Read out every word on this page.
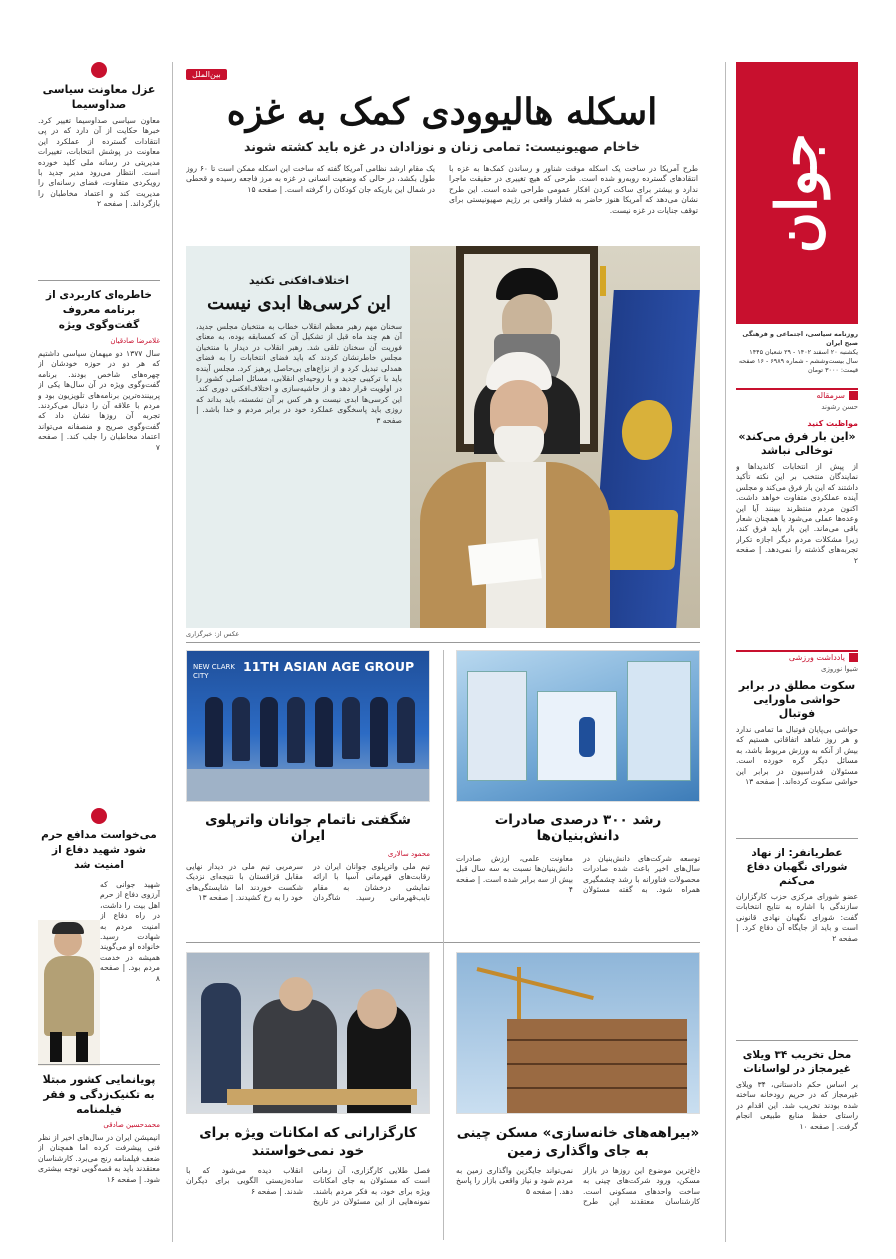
جوان
روزنامه سیاسی، اجتماعی و فرهنگی صبح ایران
یکشنبه ۲۰ اسفند ۱۴۰۲ - ۲۹ شعبان ۱۴۴۵
سال بیست‌وششم - شماره ۶۹۸۹ - ۱۶ صفحه
قیمت: ۳۰۰۰ تومان
سرمقاله
حسن رشوند
مواظبت کنید
«این بار فرق می‌کند» توخالی نباشد
از پیش از انتخابات کاندیداها و نمایندگان منتخب بر این نکته تأکید داشتند که این بار فرق می‌کند و مجلس آینده عملکردی متفاوت خواهد داشت. اکنون مردم منتظرند ببینند آیا این وعده‌ها عملی می‌شود یا همچنان شعار باقی می‌ماند. این بار باید فرق کند، زیرا مشکلات مردم دیگر اجازه تکرار تجربه‌های گذشته را نمی‌دهد. | صفحه ۲
یادداشت ورزشی
شیوا نوروزی
سکوت مطلق در برابر حواشی ماورایی فوتبال
حواشی بی‌پایان فوتبال ما تمامی ندارد و هر روز شاهد اتفاقاتی هستیم که بیش از آنکه به ورزش مربوط باشد، به مسائل دیگر گره خورده است. مسئولان فدراسیون در برابر این حواشی سکوت کرده‌اند. | صفحه ۱۳
عطریانفر: از نهاد شورای نگهبان دفاع می‌کنم
عضو شورای مرکزی حزب کارگزاران سازندگی با اشاره به نتایج انتخابات گفت: شورای نگهبان نهادی قانونی است و باید از جایگاه آن دفاع کرد. | صفحه ۲
محل تخریب ۳۴ ویلای غیرمجاز در لواسانات
بر اساس حکم دادستانی، ۳۴ ویلای غیرمجاز که در حریم رودخانه ساخته شده بودند تخریب شد. این اقدام در راستای حفظ منابع طبیعی انجام گرفت. | صفحه ۱۰
بین‌الملل
اسکله هالیوودی کمک به غزه
خاخام صهیونیست: تمامی زنان و نوزادان در غزه باید کشته شوند
طرح آمریکا در ساخت یک اسکله موقت شناور و رساندن کمک‌ها به غزه با انتقادهای گسترده روبه‌رو شده است. طرحی که هیچ تغییری در حقیقت ماجرا ندارد و بیشتر برای ساکت کردن افکار عمومی طراحی شده است. این طرح نشان می‌دهد که آمریکا هنوز حاضر به فشار واقعی بر رژیم صهیونیستی برای توقف جنایات در غزه نیست.
یک مقام ارشد نظامی آمریکا گفته که ساخت این اسکله ممکن است تا ۶۰ روز طول بکشد، در حالی که وضعیت انسانی در غزه به مرز فاجعه رسیده و قحطی در شمال این باریکه جان کودکان را گرفته است. | صفحه ۱۵
اختلاف‌افکنی تکنید
این کرسی‌ها ابدی نیست
سخنان مهم رهبر معظم انقلاب خطاب به منتخبان مجلس جدید، آن هم چند ماه قبل از تشکیل آن که کمسابقه بوده، به معنای فوریت آن سخنان تلقی شد. رهبر انقلاب در دیدار با منتخبان مجلس خاطرنشان کردند که باید فضای انتخابات را به فضای همدلی تبدیل کرد و از نزاع‌های بی‌حاصل پرهیز کرد. مجلس آینده باید با ترکیبی جدید و با روحیه‌ای انقلابی، مسائل اصلی کشور را در اولویت قرار دهد و از حاشیه‌سازی و اختلاف‌افکنی دوری کند. این کرسی‌ها ابدی نیست و هر کس بر آن نشسته، باید بداند که روزی باید پاسخگوی عملکرد خود در برابر مردم و خدا باشد. | صفحه ۳
عکس از: خبرگزاری
11TH ASIAN AGE GROUP
NEW CLARK CITY
شگفتی ناتمام جوانان واترپلوی ایران
محمود سالاری
تیم ملی واترپلوی جوانان ایران در رقابت‌های قهرمانی آسیا با ارائه نمایشی درخشان به مقام نایب‌قهرمانی رسید. شاگردان سرمربی تیم ملی در دیدار نهایی مقابل قزاقستان با نتیجه‌ای نزدیک شکست خوردند اما شایستگی‌های خود را به رخ کشیدند. | صفحه ۱۳
رشد ۳۰۰ درصدی صادرات دانش‌بنیان‌ها
توسعه شرکت‌های دانش‌بنیان در سال‌های اخیر باعث شده صادرات محصولات فناورانه با رشد چشمگیری همراه شود. به گفته مسئولان معاونت علمی، ارزش صادرات دانش‌بنیان‌ها نسبت به سه سال قبل بیش از سه برابر شده است. | صفحه ۴
کارگزارانی که امکانات ویژه برای خود نمی‌خواستند
فصل طلایی کارگزاری، آن زمانی است که مسئولان به جای امکانات ویژه برای خود، به فکر مردم باشند. نمونه‌هایی از این مسئولان در تاریخ انقلاب دیده می‌شود که با ساده‌زیستی الگویی برای دیگران شدند. | صفحه ۶
«بیراهه‌های خانه‌سازی» مسکن چینی به جای واگذاری زمین
داغ‌ترین موضوع این روزها در بازار مسکن، ورود شرکت‌های چینی به ساخت واحدهای مسکونی است. کارشناسان معتقدند این طرح نمی‌تواند جایگزین واگذاری زمین به مردم شود و نیاز واقعی بازار را پاسخ دهد. | صفحه ۵
عزل معاونت سیاسی صداوسیما
معاون سیاسی صداوسیما تغییر کرد. خبرها حکایت از آن دارد که در پی انتقادات گسترده از عملکرد این معاونت در پوشش انتخابات، تغییرات مدیریتی در رسانه ملی کلید خورده است. انتظار می‌رود مدیر جدید با رویکردی متفاوت، فضای رسانه‌ای را مدیریت کند و اعتماد مخاطبان را بازگرداند. | صفحه ۲
خاطره‌ای کاربردی از برنامه معروف گفت‌وگوی ویژه
غلامرضا صادقیان
سال ۱۳۷۷ دو میهمان سیاسی داشتیم که هر دو در حوزه خودشان از چهره‌های شاخص بودند. برنامه گفت‌وگوی ویژه در آن سال‌ها یکی از پربیننده‌ترین برنامه‌های تلویزیون بود و مردم با علاقه آن را دنبال می‌کردند. تجربه آن روزها نشان داد که گفت‌وگوی صریح و منصفانه می‌تواند اعتماد مخاطبان را جلب کند. | صفحه ۷
می‌خواست مدافع حرم شود شهید دفاع از امنیت شد
شهید جوانی که آرزوی دفاع از حرم اهل بیت را داشت، در راه دفاع از امنیت مردم به شهادت رسید. خانواده او می‌گویند همیشه در خدمت مردم بود. | صفحه ۸
پویانمایی کشور مبتلا به تکنیک‌زدگی و فقر فیلمنامه
محمدحسین صادقی
انیمیشن ایران در سال‌های اخیر از نظر فنی پیشرفت کرده اما همچنان از ضعف فیلمنامه رنج می‌برد. کارشناسان معتقدند باید به قصه‌گویی توجه بیشتری شود. | صفحه ۱۶
